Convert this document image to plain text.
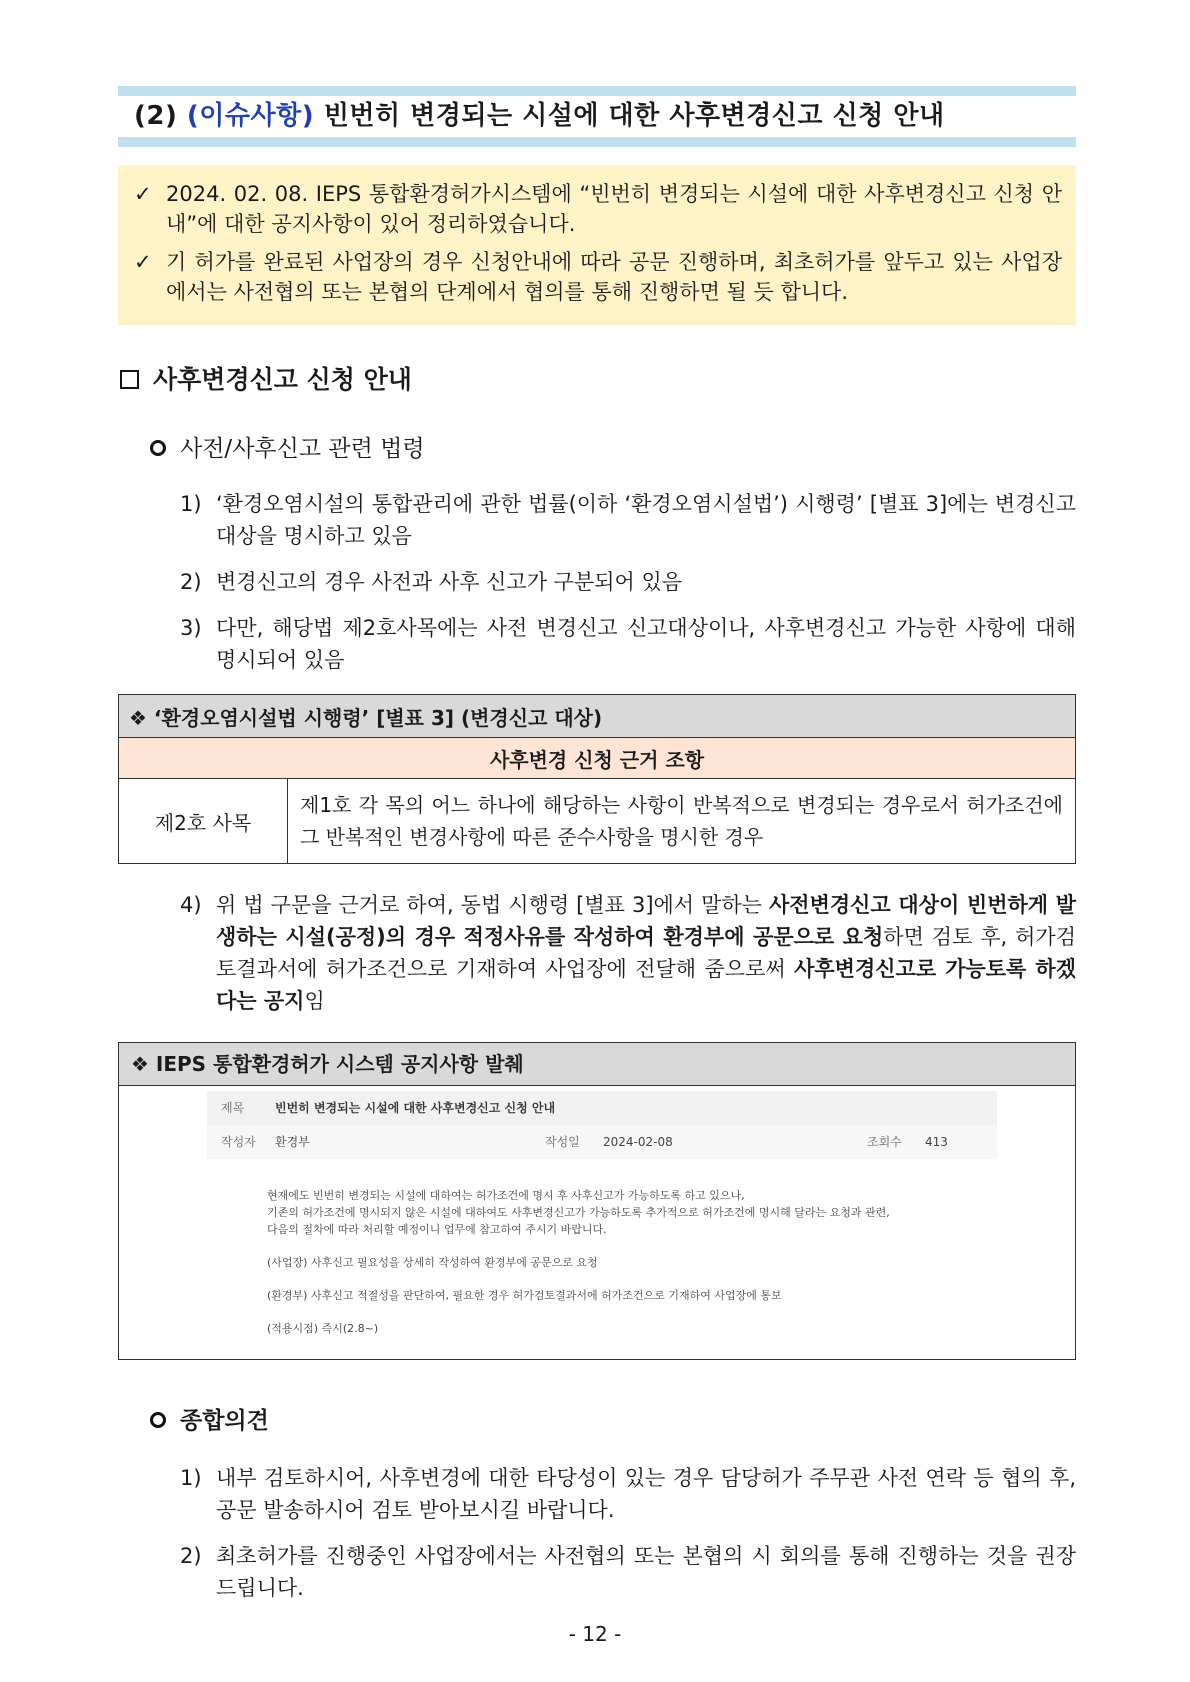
(2) (이슈사항) 빈번히 변경되는 시설에 대한 사후변경신고 신청 안내
✓ 2024. 02. 08. IEPS 통합환경허가시스템에 “빈번히 변경되는 시설에 대한 사후변경신고 신청 안내”에 대한 공지사항이 있어 정리하였습니다.
✓ 기 허가를 완료된 사업장의 경우 신청안내에 따라 공문 진행하며, 최초허가를 앞두고 있는 사업장에서는 사전협의 또는 본협의 단계에서 협의를 통해 진행하면 될 듯 합니다.
사후변경신고 신청 안내
사전/사후신고 관련 법령
1) ‘환경오염시설의 통합관리에 관한 법률(이하 ‘환경오염시설법’) 시행령’ [별표 3]에는 변경신고 대상을 명시하고 있음
2) 변경신고의 경우 사전과 사후 신고가 구분되어 있음
3) 다만, 해당법 제2호사목에는 사전 변경신고 신고대상이나, 사후변경신고 가능한 사항에 대해 명시되어 있음
❖ ‘환경오염시설법 시행령’ [별표 3] (변경신고 대상)
사후변경 신청 근거 조항
제2호 사목	제1호 각 목의 어느 하나에 해당하는 사항이 반복적으로 변경되는 경우로서 허가조건에 그 반복적인 변경사항에 따른 준수사항을 명시한 경우
4) 위 법 구문을 근거로 하여, 동법 시행령 [별표 3]에서 말하는 사전변경신고 대상이 빈번하게 발생하는 시설(공정)의 경우 적정사유를 작성하여 환경부에 공문으로 요청하면 검토 후, 허가검토결과서에 허가조건으로 기재하여 사업장에 전달해 줌으로써 사후변경신고로 가능토록 하겠다는 공지임
❖ IEPS 통합환경허가 시스템 공지사항 발췌
제목	빈번히 변경되는 시설에 대한 사후변경신고 신청 안내
작성자 환경부	작성일 2024-02-08	조회수 413

현재에도 빈번히 변경되는 시설에 대하여는 허가조건에 명시 후 사후신고가 가능하도록 하고 있으나,

기존의 허가조건에 명시되지 않은 시설에 대하여도 사후변경신고가 가능하도록 추가적으로 허가조건에 명시해 달라는 요청과 관련,

다음의 절차에 따라 처리할 예정이니 업무에 참고하여 주시기 바랍니다.

(사업장) 사후신고 필요성을 상세히 작성하여 환경부에 공문으로 요청

(환경부) 사후신고 적절성을 판단하여, 필요한 경우 허가검토결과서에 허가조건으로 기재하여 사업장에 통보

(적용시점) 즉시(2.8~)

종합의견
1) 내부 검토하시어, 사후변경에 대한 타당성이 있는 경우 담당허가 주무관 사전 연락 등 협의 후, 공문 발송하시어 검토 받아보시길 바랍니다.
2) 최초허가를 진행중인 사업장에서는 사전협의 또는 본협의 시 회의를 통해 진행하는 것을 권장드립니다.
- 12 -
